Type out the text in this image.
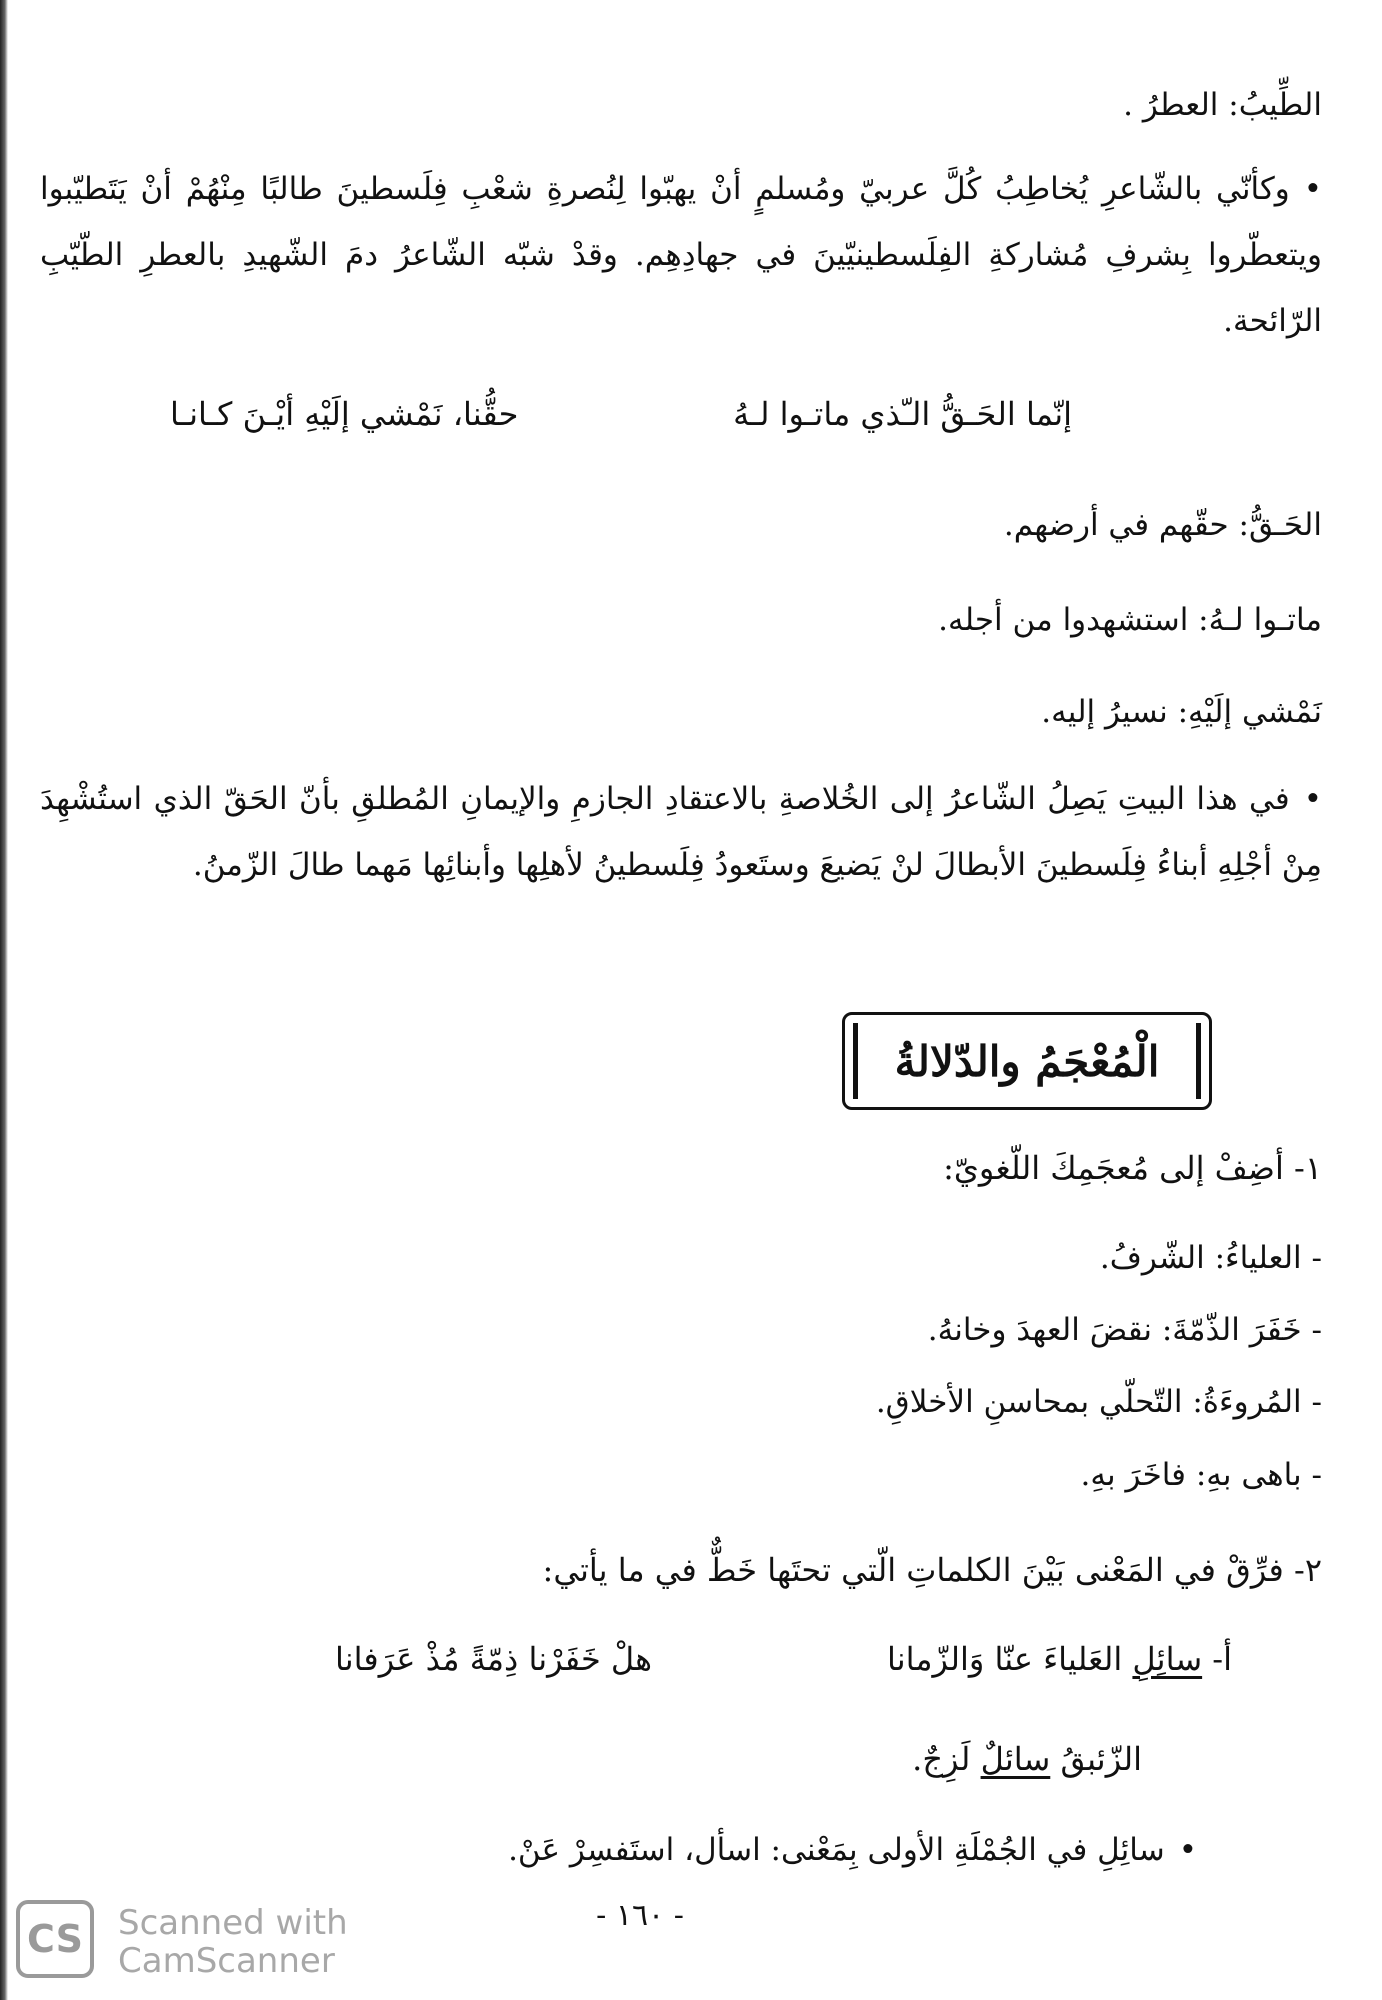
الطِّيبُ: العطرُ .
• وكأنّي بالشّاعرِ يُخاطِبُ كُلَّ عربيّ ومُسلمٍ أنْ يهبّوا لِنُصرةِ شعْبِ فِلَسطينَ طالبًا مِنْهُمْ أنْ يَتَطيّبوا ويتعطّروا بِشرفِ مُشاركةِ الفِلَسطينيّينَ في جهادِهِم. وقدْ شبّه الشّاعرُ دمَ الشّهيدِ بالعطرِ الطّيّبِ الرّائحة.
إنّما الحَـقُّ الـّذي ماتـوا لـهُ
حقُّنا، نَمْشي إلَيْهِ أيْـنَ كـانـا
الحَـقُّ: حقّهم في أرضهم.
ماتـوا لـهُ: استشهدوا من أجله.
نَمْشي إلَيْهِ: نسيرُ إليه.
• في هذا البيتِ يَصِلُ الشّاعرُ إلى الخُلاصةِ بالاعتقادِ الجازمِ والإيمانِ المُطلقِ بأنّ الحَقّ الذي استُشْهِدَ مِنْ أجْلِهِ أبناءُ فِلَسطينَ الأبطالَ لنْ يَضيعَ وستَعودُ فِلَسطينُ لأهلِها وأبنائِها مَهما طالَ الزّمنُ.
الْمُعْجَمُ والدّلالةُ
١- أضِفْ إلى مُعجَمِكَ اللّغويّ:
- العلياءُ: الشّرفُ.
- خَفَرَ الذّمّةَ: نقضَ العهدَ وخانهُ.
- المُروءَةُ: التّحلّي بمحاسنِ الأخلاقِ.
- باهى بهِ: فاخَرَ بهِ.
٢- فرِّقْ في المَعْنى بَيْنَ الكلماتِ الّتي تحتَها خَطٌّ في ما يأتي:
أ- سائِلِ العَلياءَ عنّا وَالزّمانا
هلْ خَفَرْنا ذِمّةً مُذْ عَرَفانا
الزّئبقُ سائلٌ لَزِجٌ.
• سائِلِ في الجُمْلَةِ الأولى بِمَعْنى: اسأل، استَفسِرْ عَنْ.
- ١٦٠ -
CS	Scanned with
CamScanner
